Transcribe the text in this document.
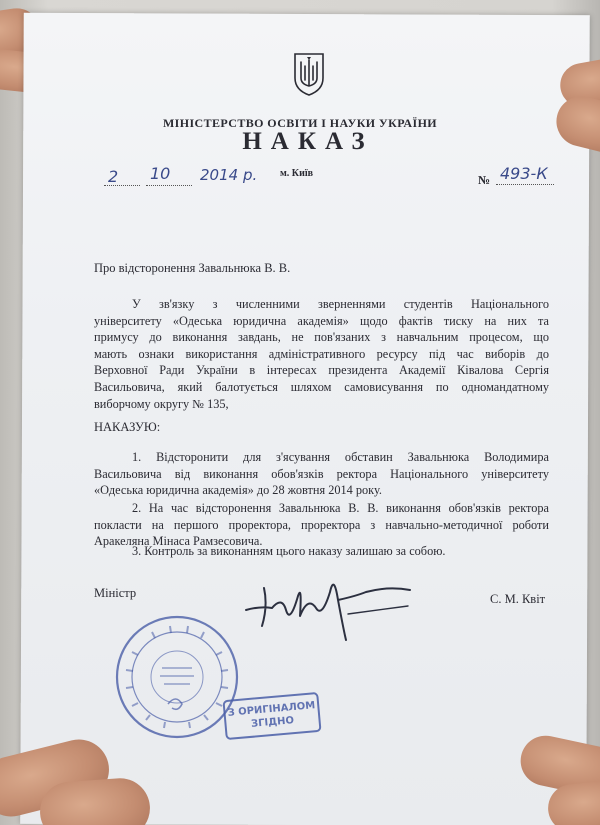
МІНІСТЕРСТВО ОСВІТИ І НАУКИ УКРАЇНИ
НАКАЗ
2 10 2014 р. м. Київ	№ 493-К
Про відсторонення Завальнюка В. В.
У зв'язку з численними зверненнями студентів Національного
університету «Одеська юридична академія» щодо фактів тиску на них та
примусу до виконання завдань, не пов'язаних з навчальним процесом, що
мають ознаки використання адміністративного ресурсу під час виборів до
Верховної Ради України в інтересах президента Академії Ківалова Сергія
Васильовича, який балотується шляхом самовисування по одномандатному
виборчому округу № 135,
НАКАЗУЮ:
1. Відсторонити для з'ясування обставин Завальнюка Володимира
Васильовича від виконання обов'язків ректора Національного університету
«Одеська юридична академія» до 28 жовтня 2014 року.
2. На час відсторонення Завальнюка В. В. виконання обов'язків ректора
покласти на першого проректора, проректора з навчально-методичної роботи
Аракеляна Мінаса Рамзесовича.
3. Контроль за виконанням цього наказу залишаю за собою.
Міністр	С. М. Квіт
З ОРИГІНАЛОМ
ЗГІДНО
